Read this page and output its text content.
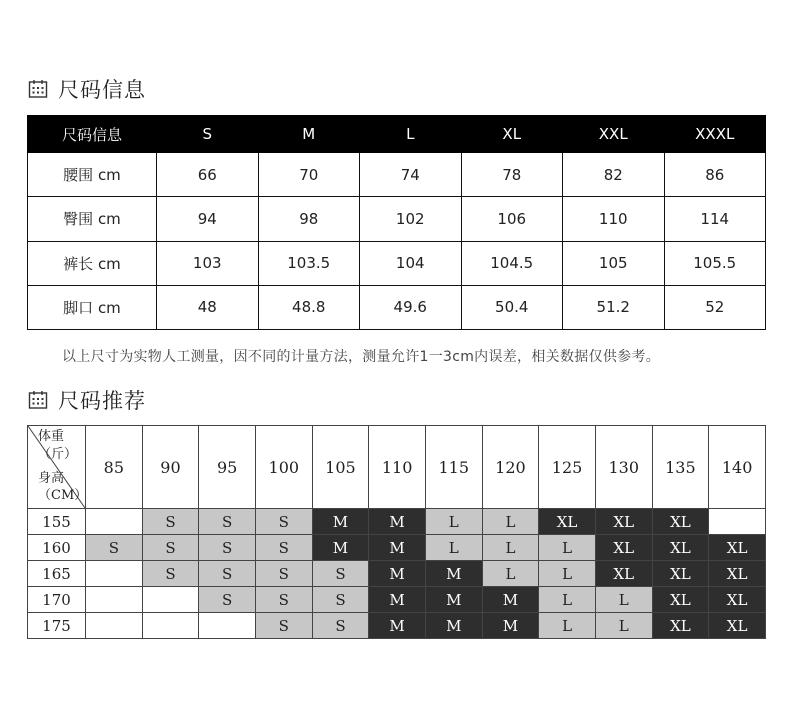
尺码信息
尺码信息	S	M	L	XL	XXL	XXXL
腰围 cm	66	70	74	78	82	86
臀围 cm	94	98	102	106	110	114
裤长 cm	103	103.5	104	104.5	105	105.5
脚口 cm	48	48.8	49.6	50.4	51.2	52
以上尺寸为实物人工测量，因不同的计量方法，测量允许1一3cm内误差，相关数据仅供参考。
尺码推荐
体重
（斤）
身高
（CM）	85	90	95	100	105	110	115	120	125	130	135	140
155		S	S	S	M	M	L	L	XL	XL	XL	
160	S	S	S	S	M	M	L	L	L	XL	XL	XL
165		S	S	S	S	M	M	L	L	XL	XL	XL
170			S	S	S	M	M	M	L	L	XL	XL
175				S	S	M	M	M	L	L	XL	XL
